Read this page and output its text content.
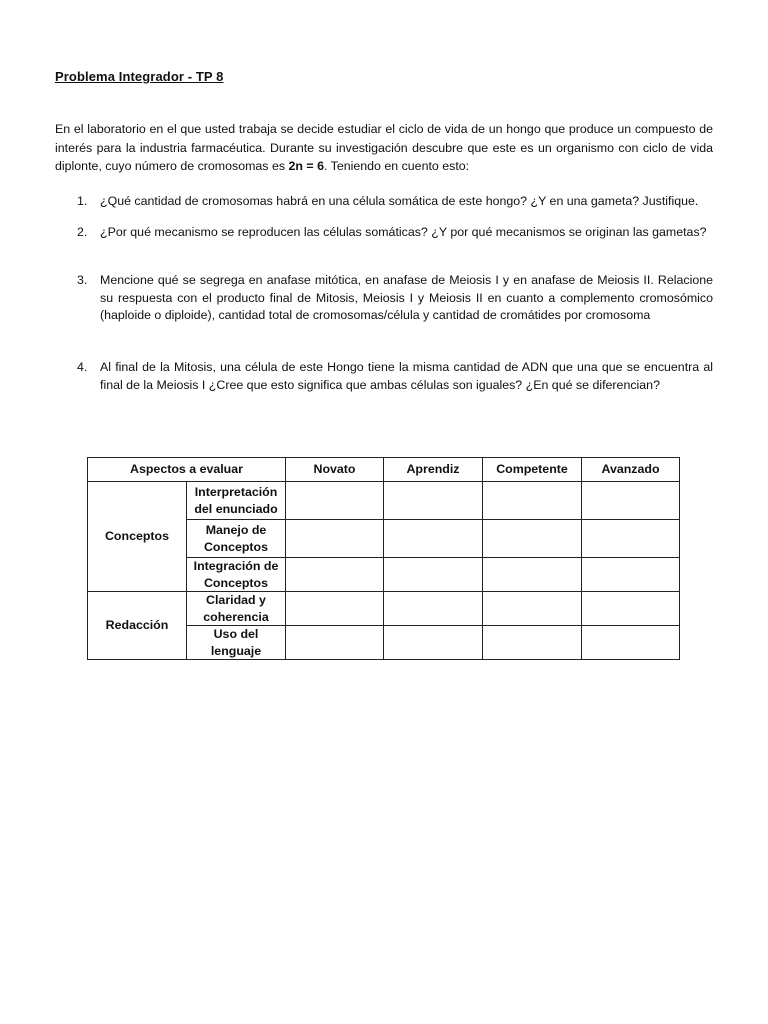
Problema Integrador - TP 8
En el laboratorio en el que usted trabaja se decide estudiar el ciclo de vida de un hongo que produce un compuesto de interés para la industria farmacéutica. Durante su investigación descubre que este es un organismo con ciclo de vida diplonte, cuyo número de cromosomas es 2n = 6. Teniendo en cuento esto:
1. ¿Qué cantidad de cromosomas habrá en una célula somática de este hongo? ¿Y en una gameta? Justifique.
2. ¿Por qué mecanismo se reproducen las células somáticas? ¿Y por qué mecanismos se originan las gametas?
3. Mencione qué se segrega en anafase mitótica, en anafase de Meiosis I y en anafase de Meiosis II. Relacione su respuesta con el producto final de Mitosis, Meiosis I y Meiosis II en cuanto a complemento cromosómico (haploide o diploide), cantidad total de cromosomas/célula y cantidad de cromátides por cromosoma
4. Al final de la Mitosis, una célula de este Hongo tiene la misma cantidad de ADN que una que se encuentra al final de la Meiosis I ¿Cree que esto significa que ambas células son iguales? ¿En qué se diferencian?
Aspectos a evaluar		Novato	Aprendiz	Competente	Avanzado
Conceptos	Interpretación del enunciado				
	Manejo de Conceptos				
	Integración de Conceptos				
Redacción	Claridad y coherencia				
	Uso del lenguaje				
